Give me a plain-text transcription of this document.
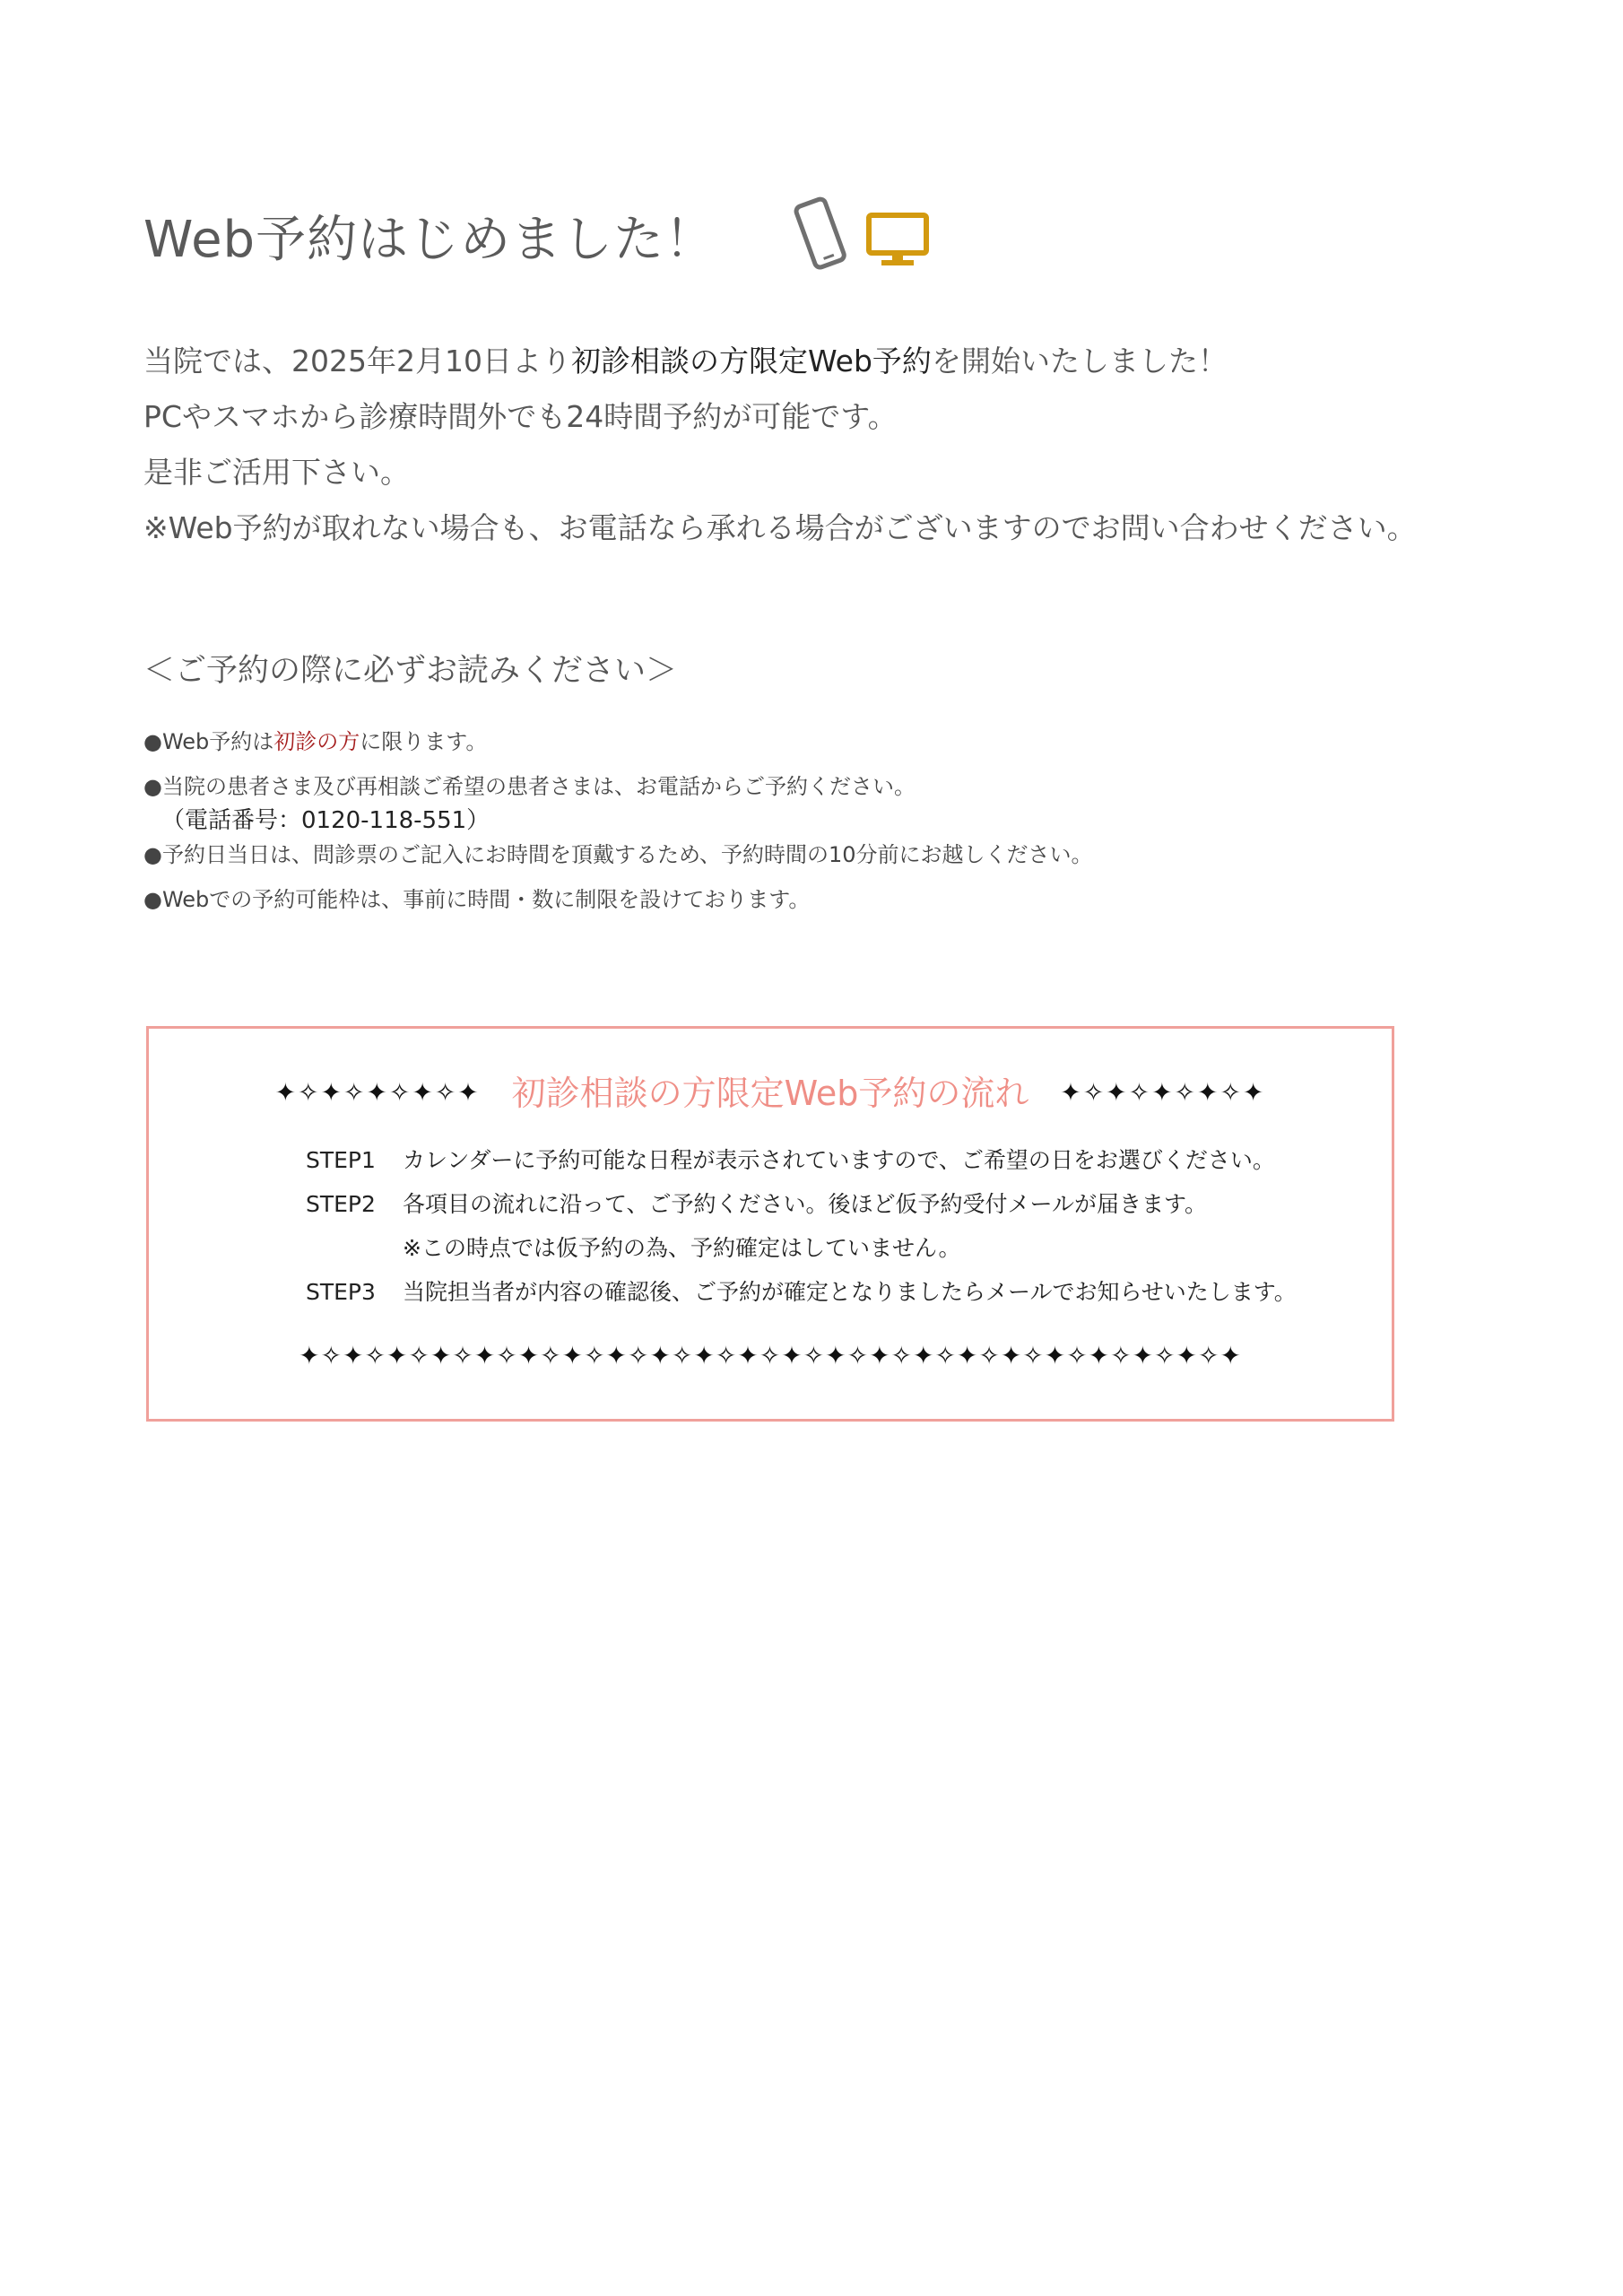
Web予約はじめました！
当院では、2025年2月10日より初診相談の方限定Web予約を開始いたしました！
PCやスマホから診療時間外でも24時間予約が可能です。
是非ご活用下さい。
※Web予約が取れない場合も、お電話なら承れる場合がございますのでお問い合わせください。
＜ご予約の際に必ずお読みください＞
●Web予約は初診の方に限ります。
●当院の患者さま及び再相談ご希望の患者さまは、お電話からご予約ください。
（電話番号：0120-118-551）
●予約日当日は、問診票のご記入にお時間を頂戴するため、予約時間の10分前にお越しください。
●Webでの予約可能枠は、事前に時間・数に制限を設けております。
✦✧✦✧✦✧✦✧✦ 初診相談の方限定Web予約の流れ ✦✧✦✧✦✧✦✧✦
STEP1 カレンダーに予約可能な日程が表示されていますので、ご希望の日をお選びください。
STEP2 各項目の流れに沿って、ご予約ください。後ほど仮予約受付メールが届きます。
※この時点では仮予約の為、予約確定はしていません。
STEP3 当院担当者が内容の確認後、ご予約が確定となりましたらメールでお知らせいたします。
✦✧✦✧✦✧✦✧✦✧✦✧✦✧✦✧✦✧✦✧✦✧✦✧✦✧✦✧✦✧✦✧✦✧✦✧✦✧✦✧✦✧✦
